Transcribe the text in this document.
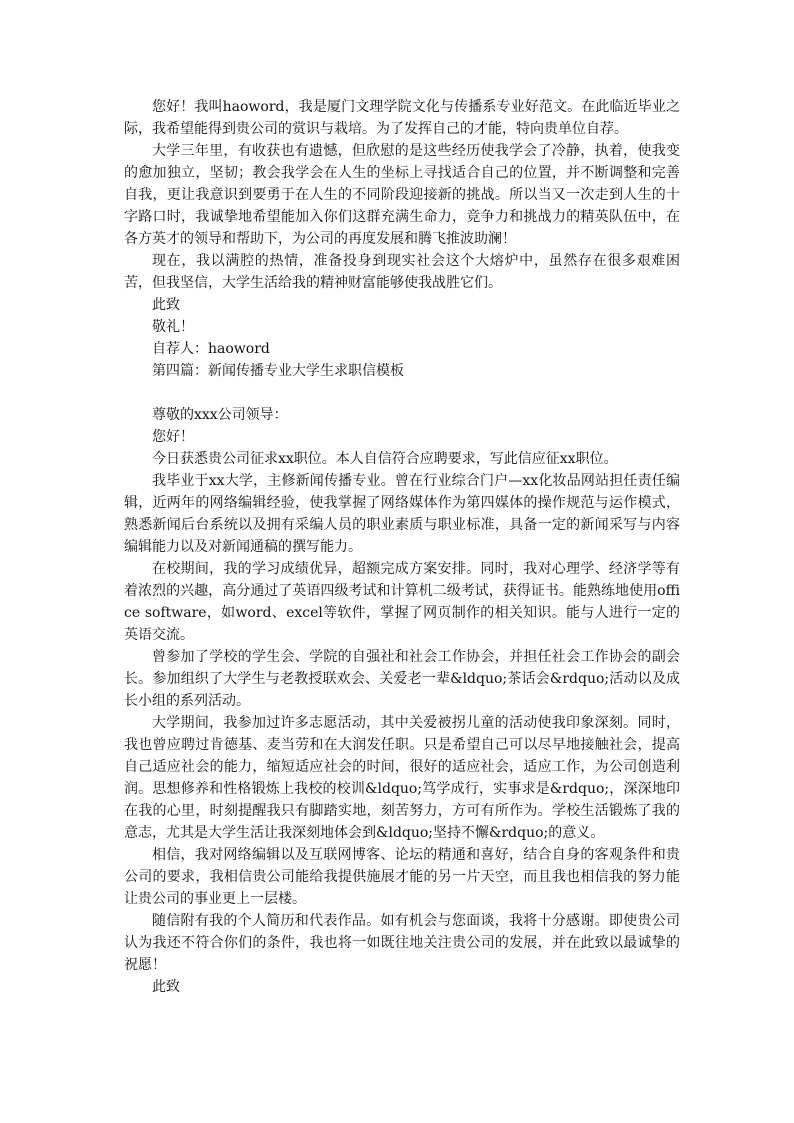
您好！我叫haoword，我是厦门文理学院文化与传播系专业好范文。在此临近毕业之际，我希望能得到贵公司的赏识与栽培。为了发挥自己的才能，特向贵单位自荐。

大学三年里，有收获也有遗憾，但欣慰的是这些经历使我学会了冷静，执着，使我变的愈加独立，坚韧；教会我学会在人生的坐标上寻找适合自己的位置，并不断调整和完善自我，更让我意识到要勇于在人生的不同阶段迎接新的挑战。所以当又一次走到人生的十字路口时，我诚挚地希望能加入你们这群充满生命力，竞争力和挑战力的精英队伍中，在各方英才的领导和帮助下，为公司的再度发展和腾飞推波助澜！

现在，我以满腔的热情，准备投身到现实社会这个大熔炉中，虽然存在很多艰难困苦，但我坚信，大学生活给我的精神财富能够使我战胜它们。

此致

敬礼！

自荐人：haoword

第四篇：新闻传播专业大学生求职信模板

尊敬的xxx公司领导：

您好！

今日获悉贵公司征求xx职位。本人自信符合应聘要求，写此信应征xx职位。

我毕业于xx大学，主修新闻传播专业。曾在行业综合门户—xx化妆品网站担任责任编辑，近两年的网络编辑经验，使我掌握了网络媒体作为第四媒体的操作规范与运作模式，熟悉新闻后台系统以及拥有采编人员的职业素质与职业标准，具备一定的新闻采写与内容编辑能力以及对新闻通稿的撰写能力。

在校期间，我的学习成绩优异，超额完成方案安排。同时，我对心理学、经济学等有着浓烈的兴趣，高分通过了英语四级考试和计算机二级考试，获得证书。能熟练地使用office software，如word、excel等软件，掌握了网页制作的相关知识。能与人进行一定的英语交流。

曾参加了学校的学生会、学院的自强社和社会工作协会，并担任社会工作协会的副会长。参加组织了大学生与老教授联欢会、关爱老一辈&ldquo;茶话会&rdquo;活动以及成长小组的系列活动。

大学期间，我参加过许多志愿活动，其中关爱被拐儿童的活动使我印象深刻。同时，我也曾应聘过肯德基、麦当劳和在大润发任职。只是希望自己可以尽早地接触社会，提高自己适应社会的能力，缩短适应社会的时间，很好的适应社会，适应工作，为公司创造利润。思想修养和性格锻炼上我校的校训&ldquo;笃学成行，实事求是&rdquo;，深深地印在我的心里，时刻提醒我只有脚踏实地，刻苦努力，方可有所作为。学校生活锻炼了我的意志，尤其是大学生活让我深刻地体会到&ldquo;坚持不懈&rdquo;的意义。

相信，我对网络编辑以及互联网博客、论坛的精通和喜好，结合自身的客观条件和贵公司的要求，我相信贵公司能给我提供施展才能的另一片天空，而且我也相信我的努力能让贵公司的事业更上一层楼。

随信附有我的个人简历和代表作品。如有机会与您面谈，我将十分感谢。即使贵公司认为我还不符合你们的条件，我也将一如既往地关注贵公司的发展，并在此致以最诚挚的祝愿！

此致
